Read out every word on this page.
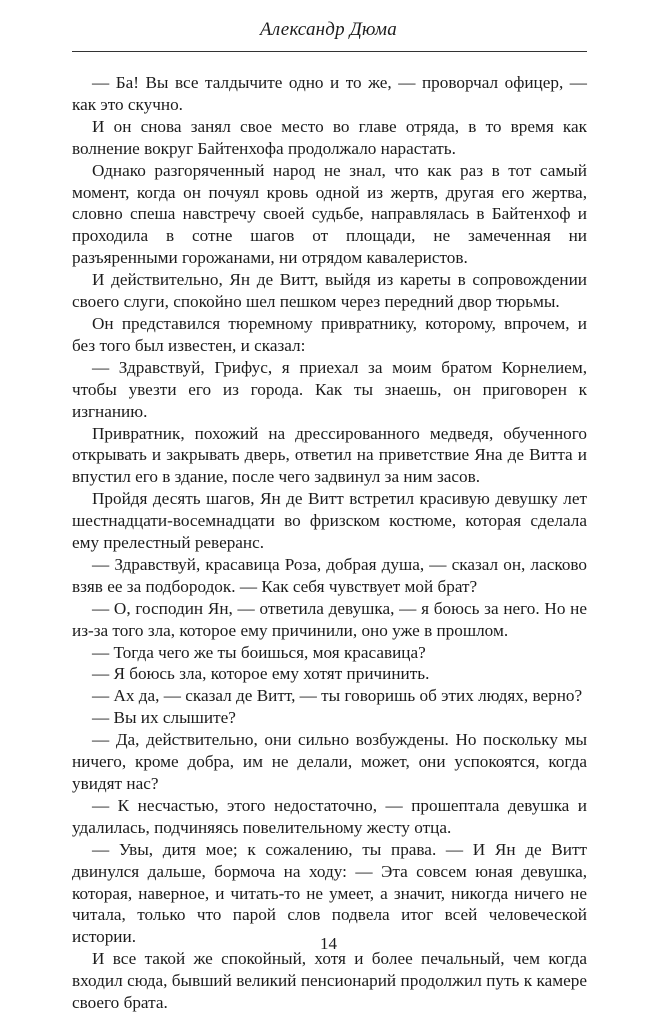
Александр Дюма

— Ба! Вы все талдычите одно и то же, — проворчал офицер, — как это скучно.

И он снова занял свое место во главе отряда, в то время как волнение вокруг Байтенхофа продолжало нарастать.

Однако разгоряченный народ не знал, что как раз в тот самый момент, когда он почуял кровь одной из жертв, другая его жертва, словно спеша навстречу своей судьбе, направлялась в Байтенхоф и проходила в сотне шагов от площади, не замеченная ни разъяренными горожанами, ни отрядом кавалеристов.

И действительно, Ян де Витт, выйдя из кареты в сопровождении своего слуги, спокойно шел пешком через передний двор тюрьмы.

Он представился тюремному привратнику, которому, впрочем, и без того был известен, и сказал:

— Здравствуй, Грифус, я приехал за моим братом Корнелием, чтобы увезти его из города. Как ты знаешь, он приговорен к изгнанию.

Привратник, похожий на дрессированного медведя, обученного открывать и закрывать дверь, ответил на приветствие Яна де Витта и впустил его в здание, после чего задвинул за ним засов.

Пройдя десять шагов, Ян де Витт встретил красивую девушку лет шестнадцати-восемнадцати во фризском костюме, которая сделала ему прелестный реверанс.

— Здравствуй, красавица Роза, добрая душа, — сказал он, ласково взяв ее за подбородок. — Как себя чувствует мой брат?

— О, господин Ян, — ответила девушка, — я боюсь за него. Но не из-за того зла, которое ему причинили, оно уже в прошлом.

— Тогда чего же ты боишься, моя красавица?

— Я боюсь зла, которое ему хотят причинить.

— Ах да, — сказал де Витт, — ты говоришь об этих людях, верно?

— Вы их слышите?

— Да, действительно, они сильно возбуждены. Но поскольку мы ничего, кроме добра, им не делали, может, они успокоятся, когда увидят нас?

— К несчастью, этого недостаточно, — прошептала девушка и удалилась, подчиняясь повелительному жесту отца.

— Увы, дитя мое; к сожалению, ты права. — И Ян де Витт двинулся дальше, бормоча на ходу: — Эта совсем юная девушка, которая, наверное, и читать-то не умеет, а значит, никогда ничего не читала, только что парой слов подвела итог всей человеческой истории.

И все такой же спокойный, хотя и более печальный, чем когда входил сюда, бывший великий пенсионарий продолжил путь к камере своего брата.

14
